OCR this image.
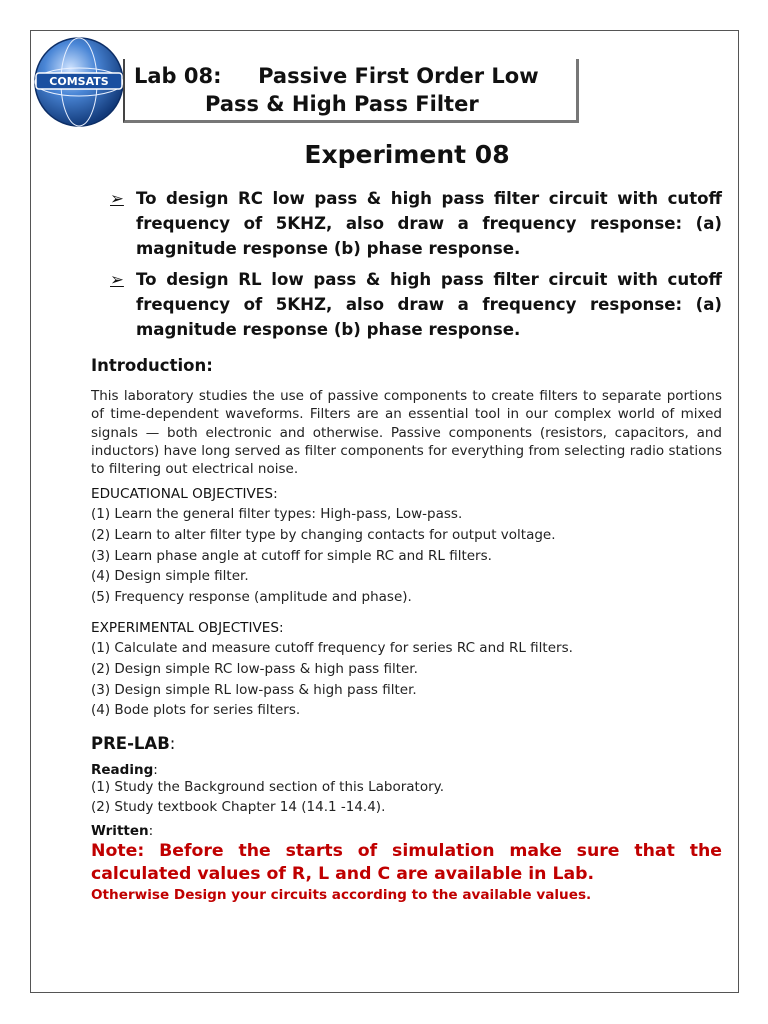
COMSATS Lab 08:     Passive First Order Low
Pass & High Pass Filter
Experiment 08
➢ To design RC low pass & high pass filter circuit with cutoff frequency of 5KHZ, also draw a frequency response: (a) magnitude response (b) phase response.
➢ To design RL low pass & high pass filter circuit with cutoff frequency of 5KHZ, also draw a frequency response: (a) magnitude response (b) phase response.
Introduction:
This laboratory studies the use of passive components to create filters to separate portions of time-dependent waveforms. Filters are an essential tool in our complex world of mixed signals — both electronic and otherwise. Passive components (resistors, capacitors, and inductors) have long served as filter components for everything from selecting radio stations to filtering out electrical noise.
EDUCATIONAL OBJECTIVES:
(1) Learn the general filter types: High-pass, Low-pass.
(2) Learn to alter filter type by changing contacts for output voltage.
(3) Learn phase angle at cutoff for simple RC and RL filters.
(4) Design simple filter.
(5) Frequency response (amplitude and phase).
EXPERIMENTAL OBJECTIVES:
(1) Calculate and measure cutoff frequency for series RC and RL filters.
(2) Design simple RC low-pass & high pass filter.
(3) Design simple RL low-pass & high pass filter.
(4) Bode plots for series filters.
PRE-LAB:
Reading:
(1) Study the Background section of this Laboratory.
(2) Study textbook Chapter 14 (14.1 -14.4).
Written:
Note: Before the starts of simulation make sure that the calculated values of R, L and C are available in Lab.
Otherwise Design your circuits according to the available values.
